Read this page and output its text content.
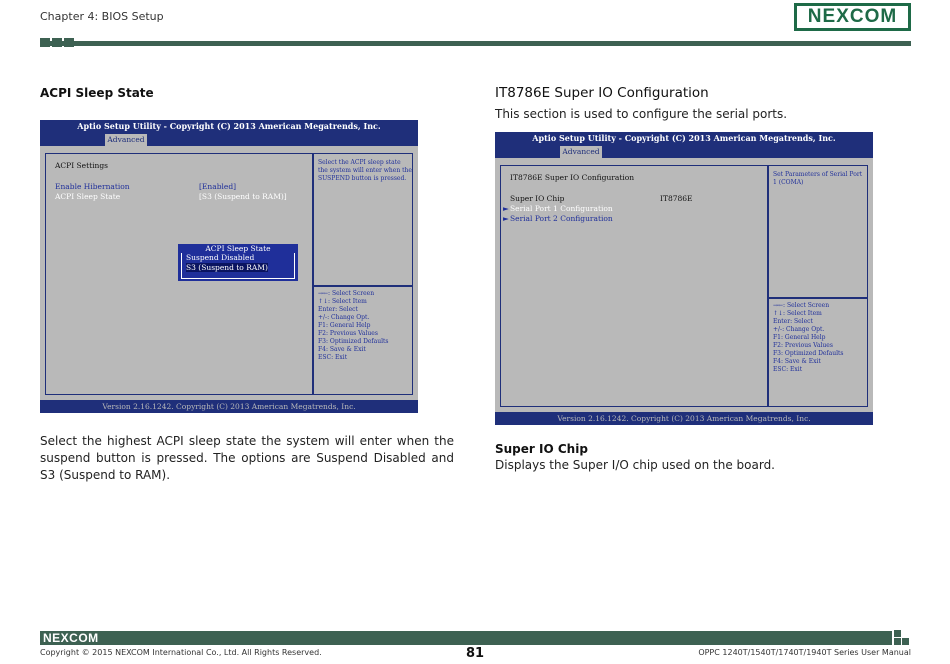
Chapter 4: BIOS Setup	NEXCOM
ACPI Sleep State
Aptio Setup Utility - Copyright (C) 2013 American Megatrends, Inc.
Advanced
ACPI Settings
Enable Hibernation	[Enabled]
ACPI Sleep State	[S3 (Suspend to RAM)]
Select the ACPI sleep state
the system will enter when the
SUSPEND button is pressed.
→←: Select Screen
↑↓: Select Item
Enter: Select
+/-: Change Opt.
F1: General Help
F2: Previous Values
F3: Optimized Defaults
F4: Save & Exit
ESC: Exit
Version 2.16.1242. Copyright (C) 2013 American Megatrends, Inc.
ACPI Sleep State
Suspend Disabled
S3 (Suspend to RAM)
Select the highest ACPI sleep state the system will enter when the suspend button is pressed. The options are Suspend Disabled and S3 (Suspend to RAM).
IT8786E Super IO Configuration
This section is used to configure the serial ports.
Aptio Setup Utility - Copyright (C) 2013 American Megatrends, Inc.
Advanced
IT8786E Super IO Configuration
Super IO Chip	IT8786E
► Serial Port 1 Configuration
► Serial Port 2 Configuration
Set Parameters of Serial Port
1 (COMA)
→←: Select Screen
↑↓: Select Item
Enter: Select
+/-: Change Opt.
F1: General Help
F2: Previous Values
F3: Optimized Defaults
F4: Save & Exit
ESC: Exit
Version 2.16.1242. Copyright (C) 2013 American Megatrends, Inc.
Super IO Chip
Displays the Super I/O chip used on the board.
NEXCOM
Copyright © 2015 NEXCOM International Co., Ltd. All Rights Reserved.	81	OPPC 1240T/1540T/1740T/1940T Series User Manual
